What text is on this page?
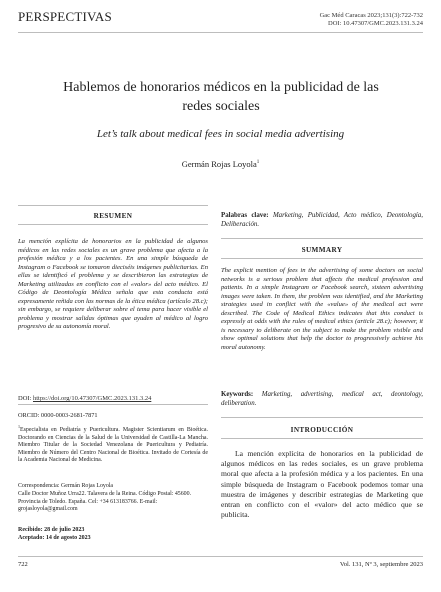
PERSPECTIVAS	Gac Méd Caracas 2023;131(3):722-732
DOI: 10.47307/GMC.2023.131.3.24
Hablemos de honorarios médicos en la publicidad de las redes sociales
Let’s talk about medical fees in social media advertising
Germán Rojas Loyola$^1$
RESUMEN
La mención explícita de honorarios en la publicidad de algunos médicos en las redes sociales es un grave problema que afecta a la profesión médica y a los pacientes. En una simple búsqueda de Instagram o Facebook se tomaron dieciséis imágenes publicitarias. En ellas se identificó el problema y se describieron las estrategias de Marketing utilizadas en conflicto con el «valor» del acto médico. El Código de Deontología Médica señala que esta conducta está expresamente reñida con las normas de la ética médica (artículo 28.c); sin embargo, se requiere deliberar sobre el tema para hacer visible el problema y mostrar salidas óptimas que ayuden al médico al logro progresivo de su autonomía moral.
DOI: https://doi.org/10.47307/GMC.2023.131.3.24
ORCID: 0000-0003-2681-7871
$^1$Especialista en Pediatría y Puericultura. Magister Scientiarum en Bioética. Doctorando en Ciencias de la Salud de la Universidad de Castilla-La Mancha. Miembro Titular de la Sociedad Venezolana de Puericultura y Pediatría. Miembro de Número del Centro Nacional de Bioética. Invitado de Cortesía de la Academia Nacional de Medicina.
Correspondencia: Germán Rojas Loyola
Calle Doctor Muñoz Urra22. Talavera de la Reina. Código Postal: 45600. Provincia de Toledo. España. Cel: +34 613183766. E-mail: grojasloyola@gmail.com
Recibido: 28 de julio 2023
Aceptado: 14 de agosto 2023
Palabras clave: Marketing, Publicidad, Acto médico, Deontología, Deliberación.
SUMMARY
The explicit mention of fees in the advertising of some doctors on social networks is a serious problem that affects the medical profession and patients. In a simple Instagram or Facebook search, sixteen advertising images were taken. In them, the problem was identified, and the Marketing strategies used in conflict with the «value» of the medical act were described. The Code of Medical Ethics indicates that this conduct is expressly at odds with the rules of medical ethics (article 28.c); however, it is necessary to deliberate on the subject to make the problem visible and show optimal solutions that help the doctor to progressively achieve his moral autonomy.
Keywords: Marketing, advertising, medical act, deontology, deliberation.
INTRODUCCIÓN
La mención explícita de honorarios en la publicidad de algunos médicos en las redes sociales, es un grave problema moral que afecta a la profesión médica y a los pacientes. En una simple búsqueda de Instagram o Facebook podemos tomar una muestra de imágenes y describir estrategias de Marketing que entran en conflicto con el «valor» del acto médico que se publicita.
722	Vol. 131, Nº 3, septiembre 2023
